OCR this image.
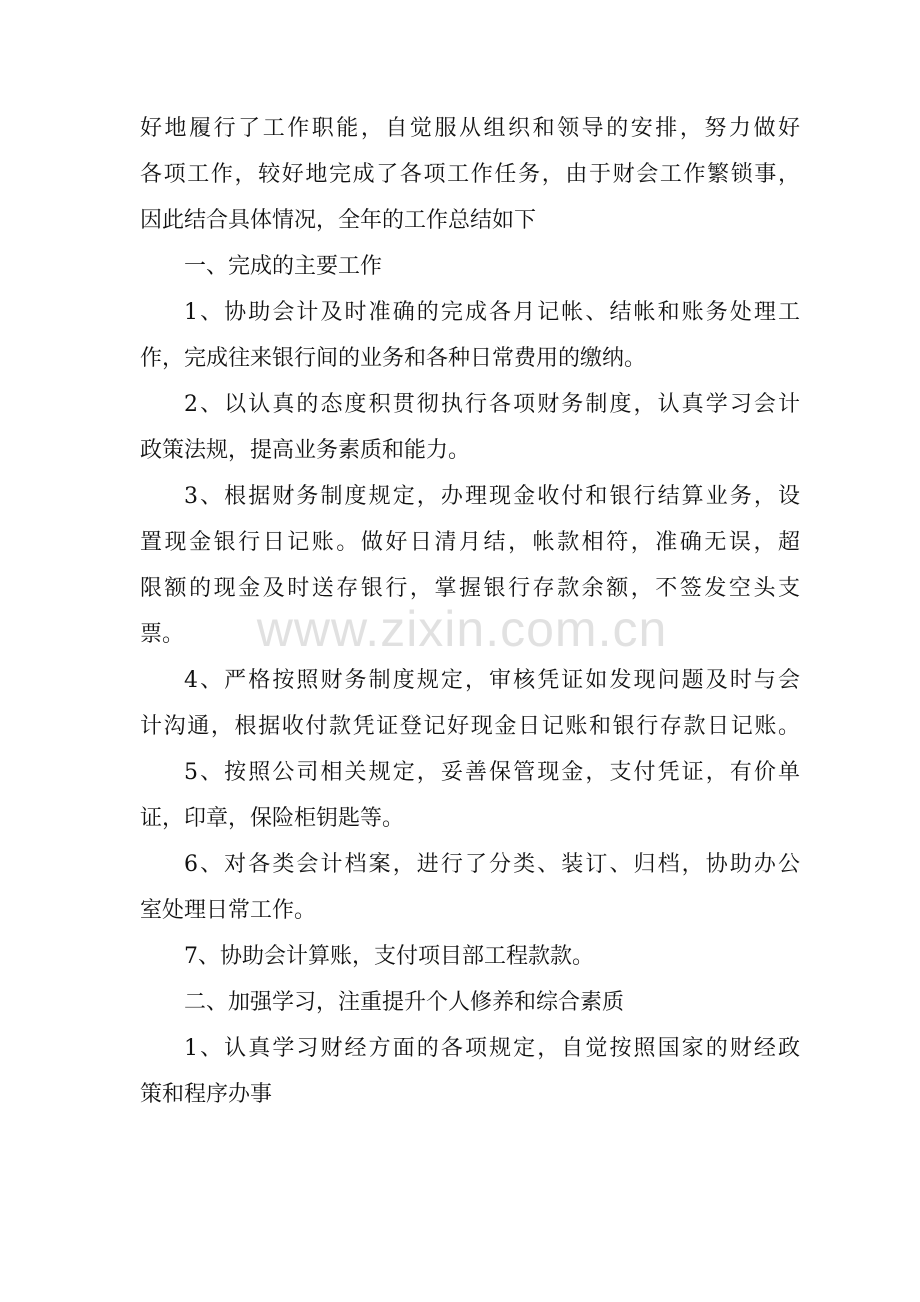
好地履行了工作职能，自觉服从组织和领导的安排，努力做好
各项工作，较好地完成了各项工作任务，由于财会工作繁锁事，
因此结合具体情况，全年的工作总结如下
一、完成的主要工作
1、协助会计及时准确的完成各月记帐、结帐和账务处理工
作，完成往来银行间的业务和各种日常费用的缴纳。
2、以认真的态度积贯彻执行各项财务制度，认真学习会计
政策法规，提高业务素质和能力。
3、根据财务制度规定，办理现金收付和银行结算业务，设
置现金银行日记账。做好日清月结，帐款相符，准确无误，超
限额的现金及时送存银行，掌握银行存款余额，不签发空头支
票。
4、严格按照财务制度规定，审核凭证如发现问题及时与会
计沟通，根据收付款凭证登记好现金日记账和银行存款日记账。
5、按照公司相关规定，妥善保管现金，支付凭证，有价单
证，印章，保险柜钥匙等。
6、对各类会计档案，进行了分类、装订、归档，协助办公
室处理日常工作。
7、协助会计算账，支付项目部工程款款。
二、加强学习，注重提升个人修养和综合素质
1、认真学习财经方面的各项规定，自觉按照国家的财经政
策和程序办事
www.zixin.com.cn
